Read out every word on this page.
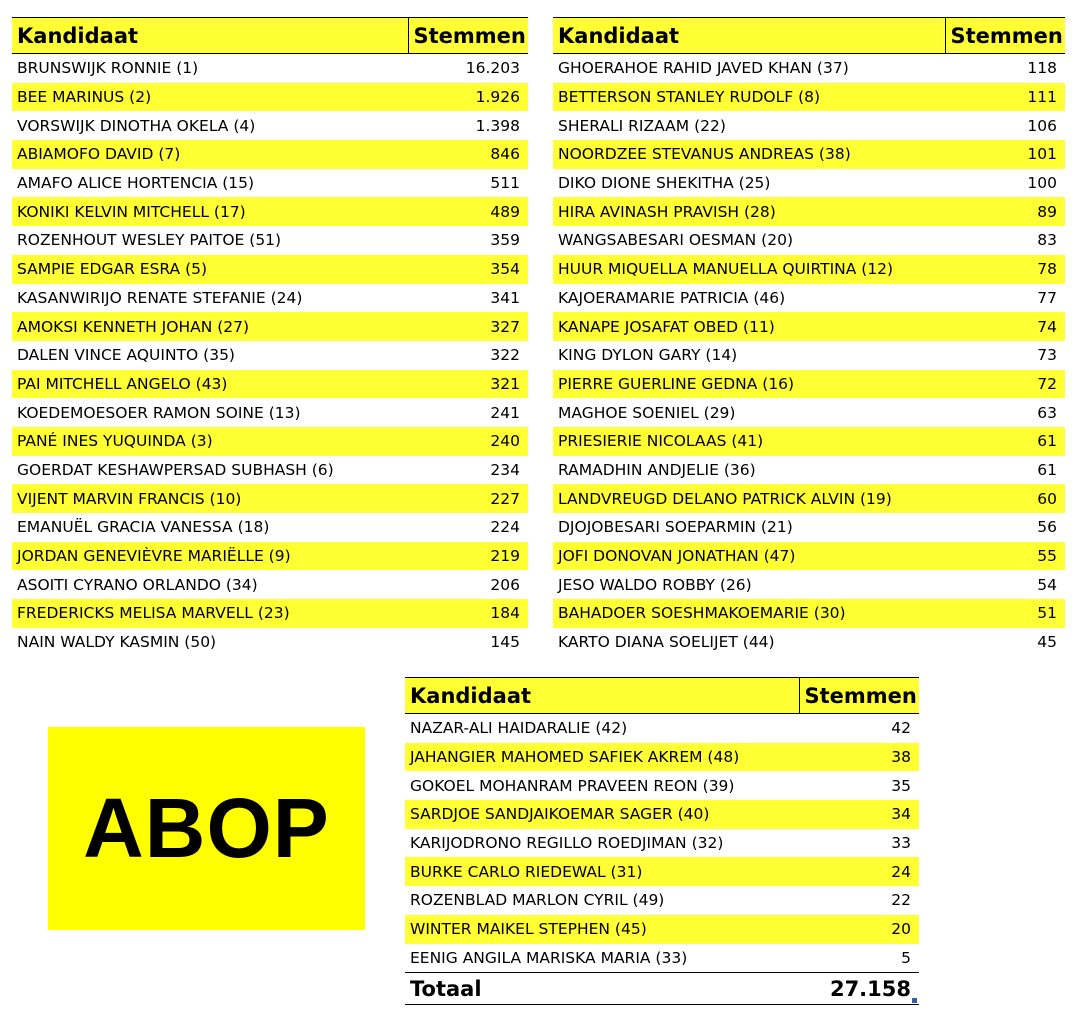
Kandidaat	Stemmen
BRUNSWIJK RONNIE (1)	16.203
BEE MARINUS (2)	1.926
VORSWIJK DINOTHA OKELA (4)	1.398
ABIAMOFO DAVID (7)	846
AMAFO ALICE HORTENCIA (15)	511
KONIKI KELVIN MITCHELL (17)	489
ROZENHOUT WESLEY PAITOE (51)	359
SAMPIE EDGAR ESRA (5)	354
KASANWIRIJO RENATE STEFANIE (24)	341
AMOKSI KENNETH JOHAN (27)	327
DALEN VINCE AQUINTO (35)	322
PAI MITCHELL ANGELO (43)	321
KOEDEMOESOER RAMON SOINE (13)	241
PANÉ INES YUQUINDA (3)	240
GOERDAT KESHAWPERSAD SUBHASH (6)	234
VIJENT MARVIN FRANCIS (10)	227
EMANUËL GRACIA VANESSA (18)	224
JORDAN GENEVIÈVRE MARIËLLE (9)	219
ASOITI CYRANO ORLANDO (34)	206
FREDERICKS MELISA MARVELL (23)	184
NAIN WALDY KASMIN (50)	145
Kandidaat	Stemmen
GHOERAHOE RAHID JAVED KHAN (37)	118
BETTERSON STANLEY RUDOLF (8)	111
SHERALI RIZAAM (22)	106
NOORDZEE STEVANUS ANDREAS (38)	101
DIKO DIONE SHEKITHA (25)	100
HIRA AVINASH PRAVISH (28)	89
WANGSABESARI OESMAN (20)	83
HUUR MIQUELLA MANUELLA QUIRTINA (12)	78
KAJOERAMARIE PATRICIA (46)	77
KANAPE JOSAFAT OBED (11)	74
KING DYLON GARY (14)	73
PIERRE GUERLINE GEDNA (16)	72
MAGHOE SOENIEL (29)	63
PRIESIERIE NICOLAAS (41)	61
RAMADHIN ANDJELIE (36)	61
LANDVREUGD DELANO PATRICK ALVIN (19)	60
DJOJOBESARI SOEPARMIN (21)	56
JOFI DONOVAN JONATHAN (47)	55
JESO WALDO ROBBY (26)	54
BAHADOER SOESHMAKOEMARIE (30)	51
KARTO DIANA SOELIJET (44)	45
Kandidaat	Stemmen
NAZAR-ALI HAIDARALIE (42)	42
JAHANGIER MAHOMED SAFIEK AKREM (48)	38
GOKOEL MOHANRAM PRAVEEN REON (39)	35
SARDJOE SANDJAIKOEMAR SAGER (40)	34
KARIJODRONO REGILLO ROEDJIMAN (32)	33
BURKE CARLO RIEDEWAL (31)	24
ROZENBLAD MARLON CYRIL (49)	22
WINTER MAIKEL STEPHEN (45)	20
EENIG ANGILA MARISKA MARIA (33)	5
Totaal	27.158
ABOP
